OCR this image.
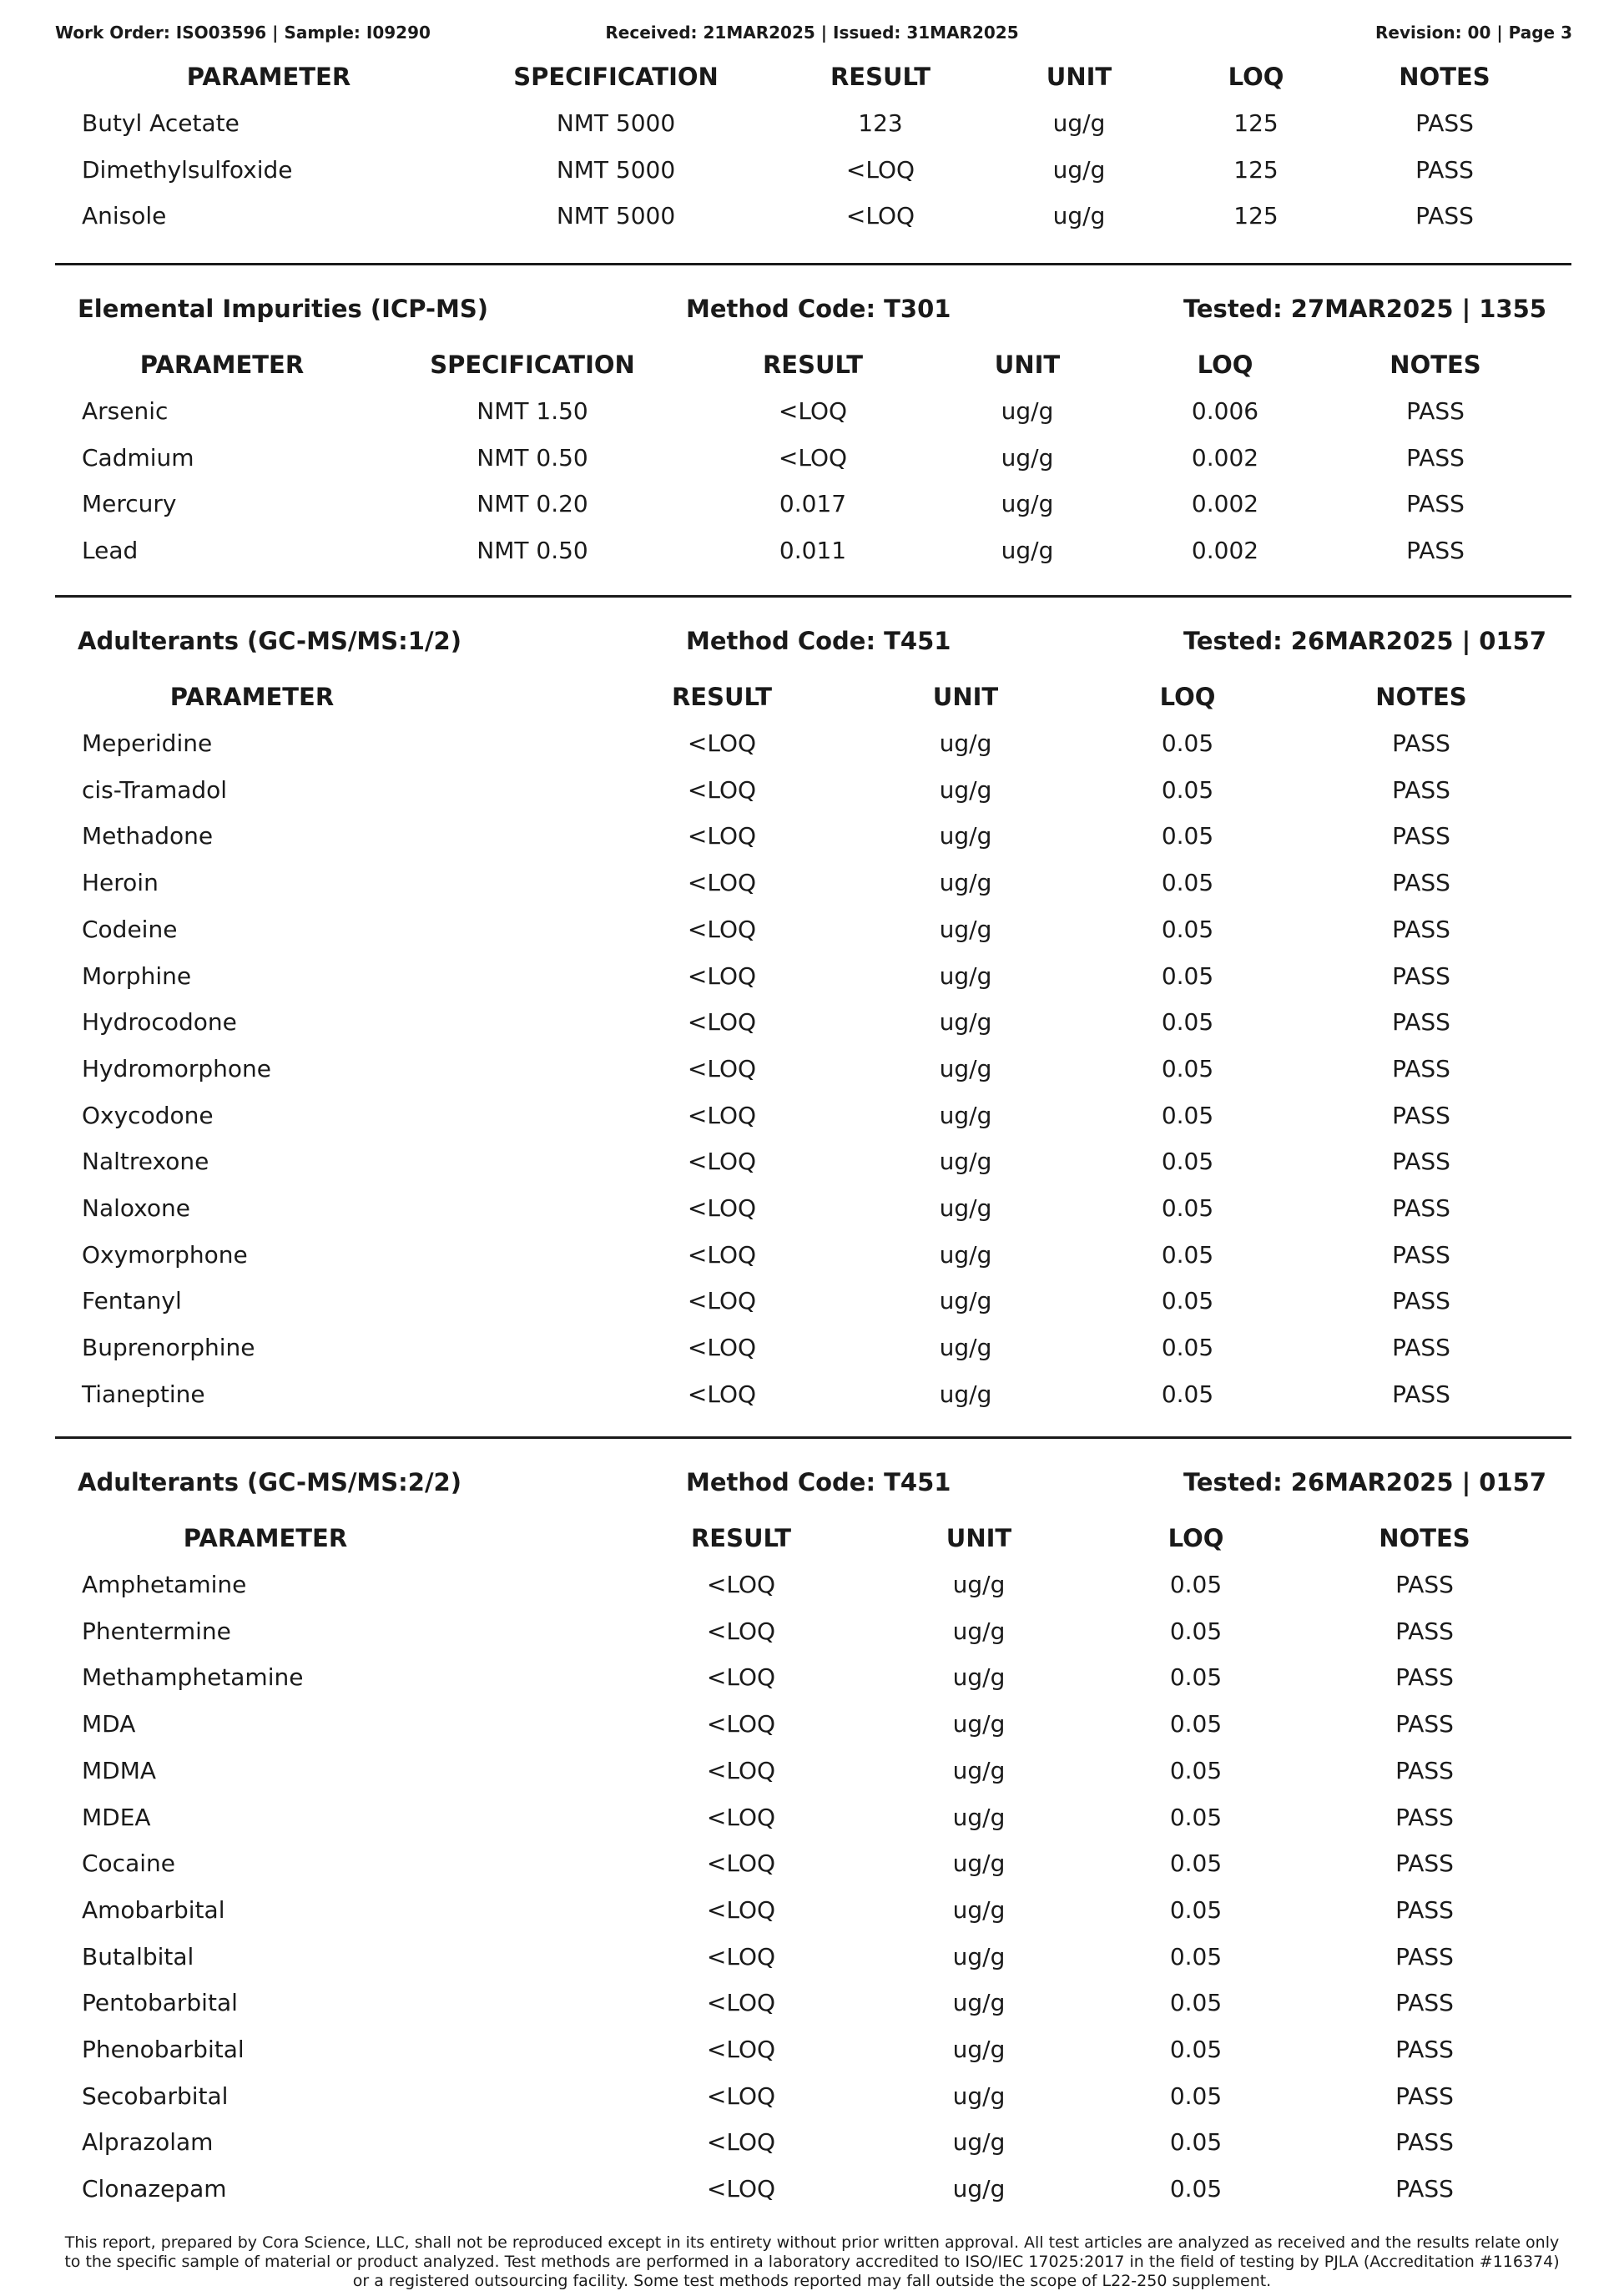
Work Order: ISO03596 | Sample: I09290	Received: 21MAR2025 | Issued: 31MAR2025	Revision: 00 | Page 3
PARAMETER	SPECIFICATION	RESULT	UNIT	LOQ	NOTES
Butyl Acetate	NMT 5000	123	ug/g	125	PASS
Dimethylsulfoxide	NMT 5000	<LOQ	ug/g	125	PASS
Anisole	NMT 5000	<LOQ	ug/g	125	PASS
Elemental Impurities (ICP-MS)	Method Code: T301	Tested: 27MAR2025 | 1355
PARAMETER	SPECIFICATION	RESULT	UNIT	LOQ	NOTES
Arsenic	NMT 1.50	<LOQ	ug/g	0.006	PASS
Cadmium	NMT 0.50	<LOQ	ug/g	0.002	PASS
Mercury	NMT 0.20	0.017	ug/g	0.002	PASS
Lead	NMT 0.50	0.011	ug/g	0.002	PASS
Adulterants (GC-MS/MS:1/2)	Method Code: T451	Tested: 26MAR2025 | 0157
PARAMETER	RESULT	UNIT	LOQ	NOTES
Meperidine	<LOQ	ug/g	0.05	PASS
cis-Tramadol	<LOQ	ug/g	0.05	PASS
Methadone	<LOQ	ug/g	0.05	PASS
Heroin	<LOQ	ug/g	0.05	PASS
Codeine	<LOQ	ug/g	0.05	PASS
Morphine	<LOQ	ug/g	0.05	PASS
Hydrocodone	<LOQ	ug/g	0.05	PASS
Hydromorphone	<LOQ	ug/g	0.05	PASS
Oxycodone	<LOQ	ug/g	0.05	PASS
Naltrexone	<LOQ	ug/g	0.05	PASS
Naloxone	<LOQ	ug/g	0.05	PASS
Oxymorphone	<LOQ	ug/g	0.05	PASS
Fentanyl	<LOQ	ug/g	0.05	PASS
Buprenorphine	<LOQ	ug/g	0.05	PASS
Tianeptine	<LOQ	ug/g	0.05	PASS
Adulterants (GC-MS/MS:2/2)	Method Code: T451	Tested: 26MAR2025 | 0157
PARAMETER	RESULT	UNIT	LOQ	NOTES
Amphetamine	<LOQ	ug/g	0.05	PASS
Phentermine	<LOQ	ug/g	0.05	PASS
Methamphetamine	<LOQ	ug/g	0.05	PASS
MDA	<LOQ	ug/g	0.05	PASS
MDMA	<LOQ	ug/g	0.05	PASS
MDEA	<LOQ	ug/g	0.05	PASS
Cocaine	<LOQ	ug/g	0.05	PASS
Amobarbital	<LOQ	ug/g	0.05	PASS
Butalbital	<LOQ	ug/g	0.05	PASS
Pentobarbital	<LOQ	ug/g	0.05	PASS
Phenobarbital	<LOQ	ug/g	0.05	PASS
Secobarbital	<LOQ	ug/g	0.05	PASS
Alprazolam	<LOQ	ug/g	0.05	PASS
Clonazepam	<LOQ	ug/g	0.05	PASS
This report, prepared by Cora Science, LLC, shall not be reproduced except in its entirety without prior written approval. All test articles are analyzed as received and the results relate only
to the specific sample of material or product analyzed. Test methods are performed in a laboratory accredited to ISO/IEC 17025:2017 in the field of testing by PJLA (Accreditation #116374)
or a registered outsourcing facility. Some test methods reported may fall outside the scope of L22-250 supplement.
